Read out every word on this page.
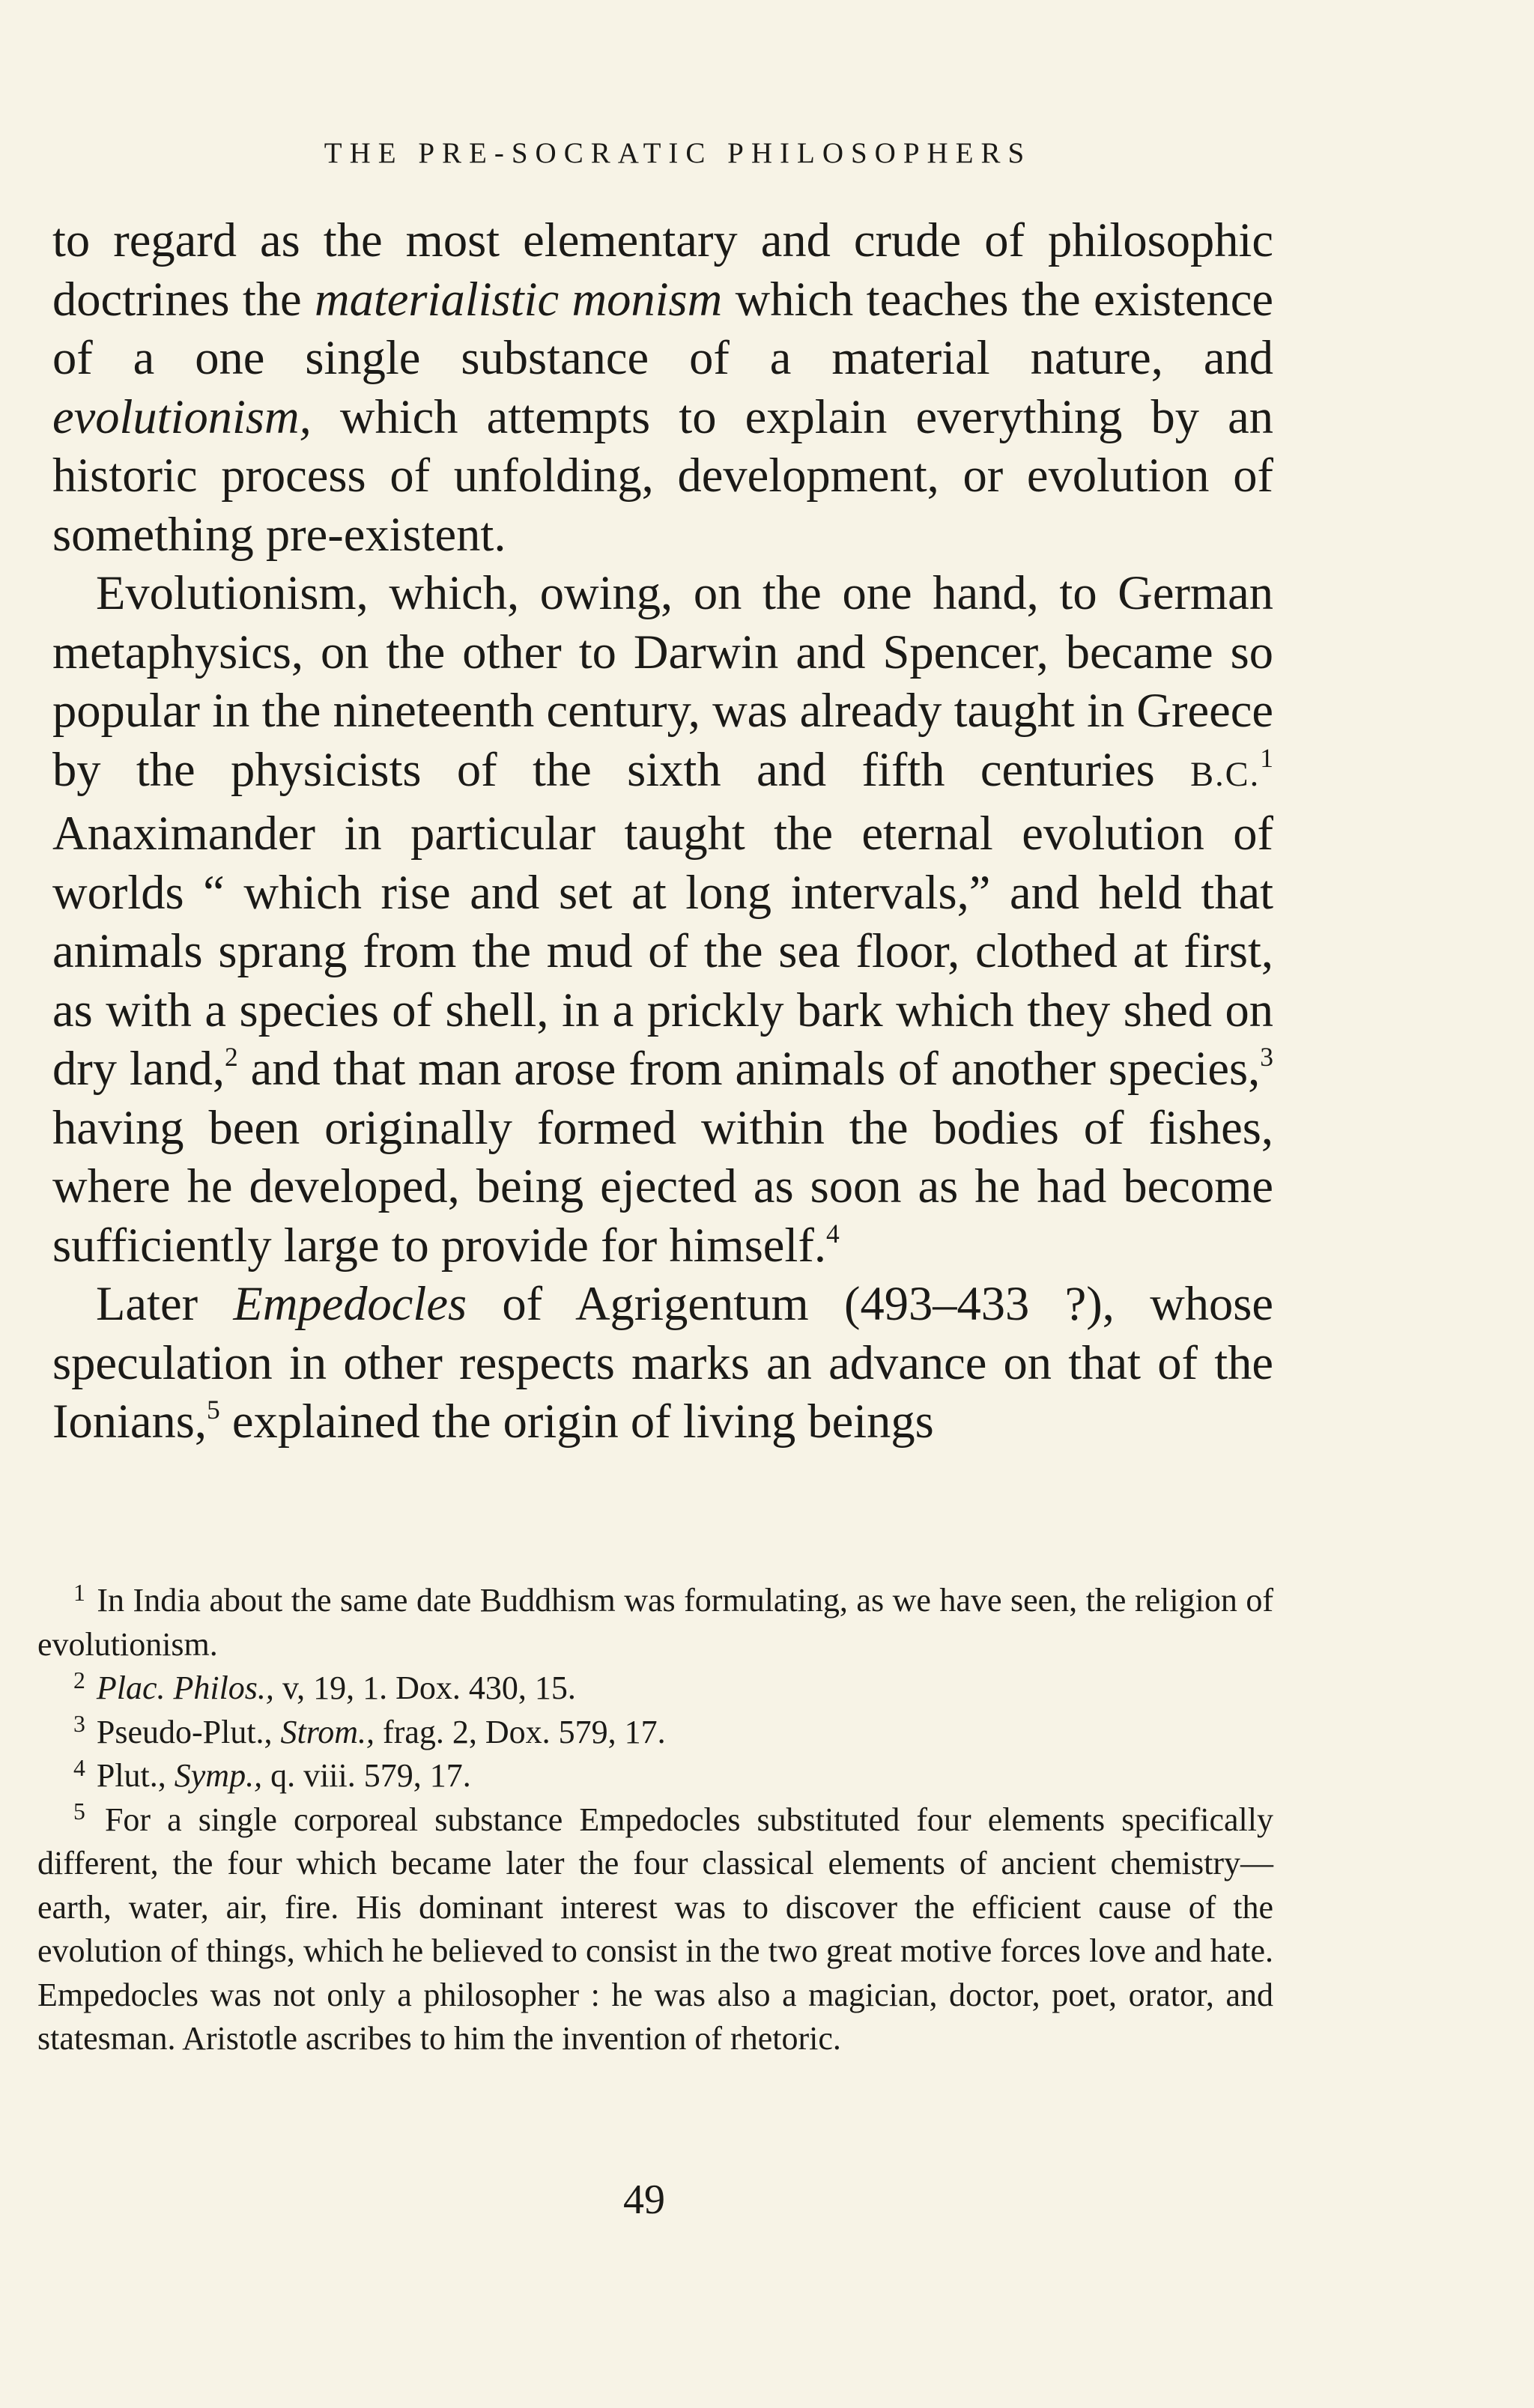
THE PRE-SOCRATIC PHILOSOPHERS

to regard as the most elementary and crude of philosophic doctrines the materialistic monism which teaches the existence of a one single substance of a material nature, and evolutionism, which attempts to explain everything by an historic process of unfolding, development, or evolution of something pre-existent.

Evolutionism, which, owing, on the one hand, to German metaphysics, on the other to Darwin and Spencer, became so popular in the nineteenth century, was already taught in Greece by the physicists of the sixth and fifth centuries B.C.$^1$ Anaximander in particular taught the eternal evolution of worlds “ which rise and set at long intervals,” and held that animals sprang from the mud of the sea floor, clothed at first, as with a species of shell, in a prickly bark which they shed on dry land,$^2$ and that man arose from animals of another species,$^3$ having been originally formed within the bodies of fishes, where he developed, being ejected as soon as he had become sufficiently large to provide for himself.$^4$

Later Empedocles of Agrigentum (493–433 ?), whose speculation in other respects marks an advance on that of the Ionians,$^5$ explained the origin of living beings

$^1$ In India about the same date Buddhism was formulating, as we have seen, the religion of evolutionism.

$^2$ Plac. Philos., v, 19, 1. Dox. 430, 15.

$^3$ Pseudo-Plut., Strom., frag. 2, Dox. 579, 17.

$^4$ Plut., Symp., q. viii. 579, 17.

$^5$ For a single corporeal substance Empedocles substituted four elements specifically different, the four which became later the four classical elements of ancient chemistry—earth, water, air, fire. His dominant interest was to discover the efficient cause of the evolution of things, which he believed to consist in the two great motive forces love and hate. Empedocles was not only a philosopher : he was also a magician, doctor, poet, orator, and statesman. Aristotle ascribes to him the invention of rhetoric.

49
